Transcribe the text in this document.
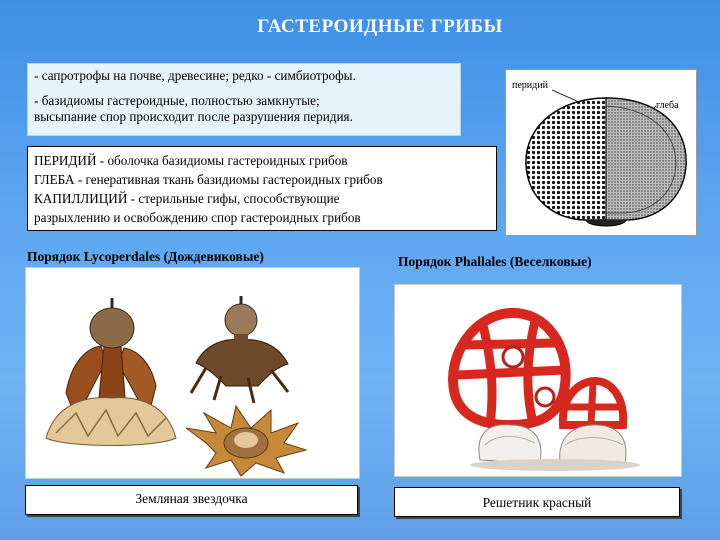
ГАСТЕРОИДНЫЕ ГРИБЫ

- сапротрофы на почве, древесине; редко - симбиотрофы.

- базидиомы гастероидные, полностью замкнутые;
высыпание спор происходит после разрушения перидия.

ПЕРИДИЙ - оболочка базидиомы гастероидных грибов
ГЛЕБА - генеративная ткань базидиомы гастероидных грибов
КАПИЛЛИЦИЙ - стерильные гифы, способствующие
разрыхлению и освобождению спор гастероидных грибов
перидий
глеба
Порядок Lycoperdales (Дождевиковые)	Порядок Phallales (Веселковые)
Земляная звездочка	Решетник красный
